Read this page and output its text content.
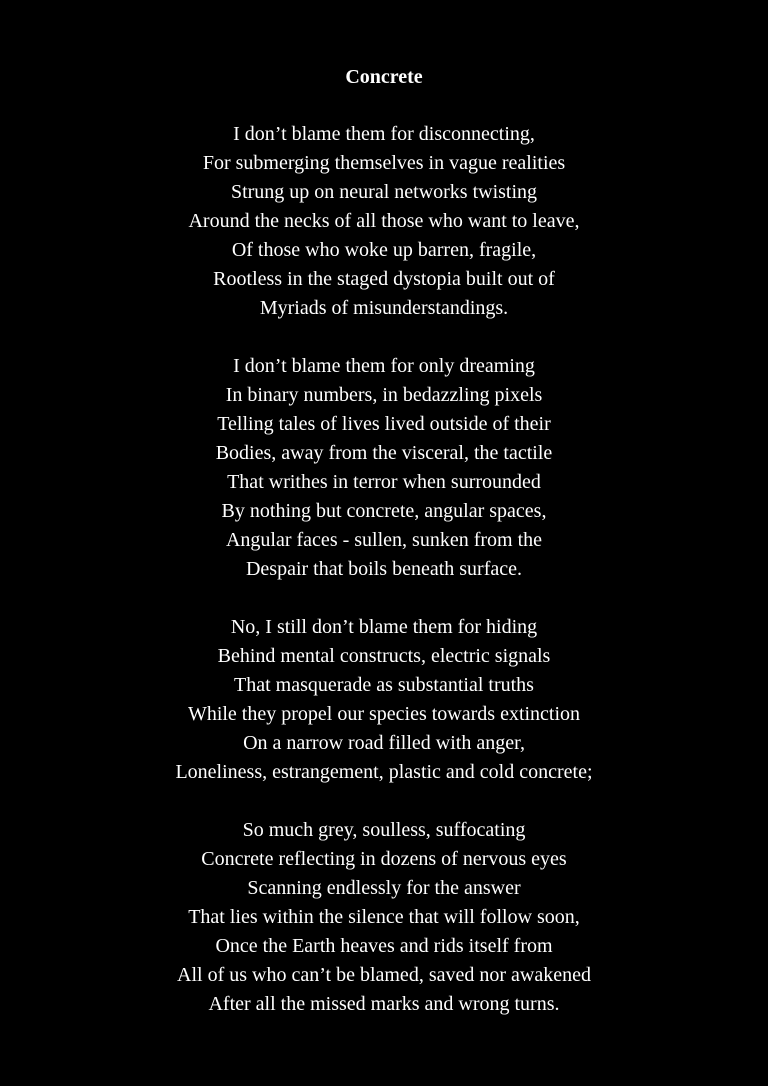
Concrete
I don’t blame them for disconnecting,
For submerging themselves in vague realities
Strung up on neural networks twisting
Around the necks of all those who want to leave,
Of those who woke up barren, fragile,
Rootless in the staged dystopia built out of
Myriads of misunderstandings.
I don’t blame them for only dreaming
In binary numbers, in bedazzling pixels
Telling tales of lives lived outside of their
Bodies, away from the visceral, the tactile
That writhes in terror when surrounded
By nothing but concrete, angular spaces,
Angular faces - sullen, sunken from the
Despair that boils beneath surface.
No, I still don’t blame them for hiding
Behind mental constructs, electric signals
That masquerade as substantial truths
While they propel our species towards extinction
On a narrow road filled with anger,
Loneliness, estrangement, plastic and cold concrete;
So much grey, soulless, suffocating
Concrete reflecting in dozens of nervous eyes
Scanning endlessly for the answer
That lies within the silence that will follow soon,
Once the Earth heaves and rids itself from
All of us who can’t be blamed, saved nor awakened
After all the missed marks and wrong turns.
